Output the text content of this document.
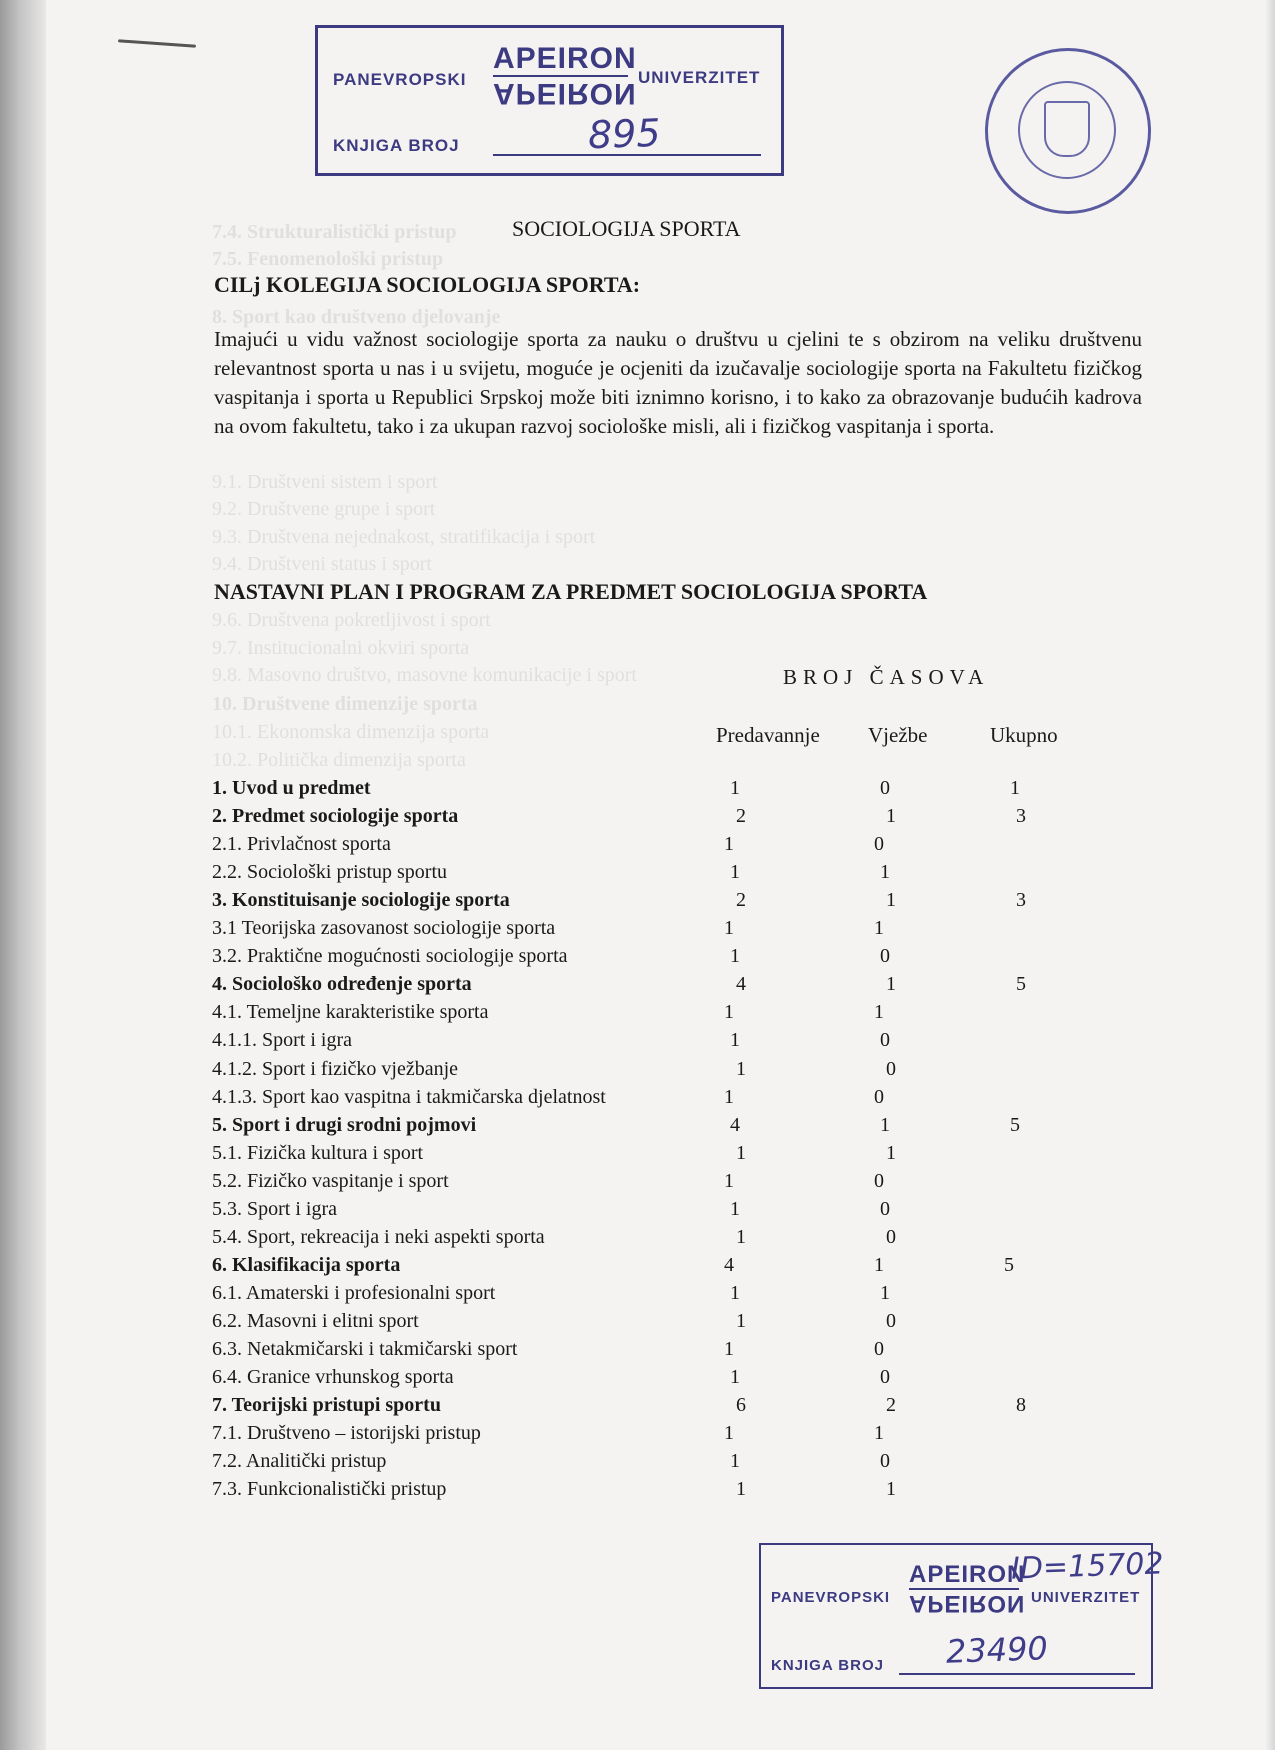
7.4. Strukturalistički pristup
7.5. Fenomenološki pristup
8. Sport kao društveno djelovanje
9.1. Društveni sistem i sport
9.2. Društvene grupe i sport
9.3. Društvena nejednakost, stratifikacija i sport
9.4. Društveni status i sport
9.6. Društvena pokretljivost i sport
9.7. Institucionalni okviri sporta
9.8. Masovno društvo, masovne komunikacije i sport
10. Društvene dimenzije sporta
10.1. Ekonomska dimenzija sporta
10.2. Politička dimenzija sporta
PANEVROPSKI
APEIRON
APEIRON UNIVERZITET
KNJIGA BROJ	895
SOCIOLOGIJA SPORTA
CILj KOLEGIJA SOCIOLOGIJA SPORTA:
Imajući u vidu važnost sociologije sporta za nauku o društvu u cjelini te s obzirom na veliku društvenu relevantnost sporta u nas i u svijetu, moguće je ocjeniti da izučavalje sociologije sporta na Fakultetu fizičkog vaspitanja i sporta u Republici Srpskoj može biti iznimno korisno, i to kako za obrazovanje budućih kadrova na ovom fakultetu, tako i za ukupan razvoj sociološke misli, ali i fizičkog vaspitanja i sporta.
NASTAVNI PLAN I PROGRAM ZA PREDMET SOCIOLOGIJA SPORTA
BROJ ČASOVA
Predavannje Vježbe	Ukupno
1. Uvod u predmet	1	0	1
2. Predmet sociologije sporta	2	1	3
2.1. Privlačnost sporta	1	0
2.2. Sociološki pristup sportu	1	1
3. Konstituisanje sociologije sporta	2	1	3
3.1 Teorijska zasovanost sociologije sporta	1	1
3.2. Praktične mogućnosti sociologije sporta	1	0
4. Sociološko određenje sporta	4	1	5
4.1. Temeljne karakteristike sporta	1	1
4.1.1. Sport i igra	1	0
4.1.2. Sport i fizičko vježbanje	1	0
4.1.3. Sport kao vaspitna i takmičarska djelatnost	1	0
5. Sport i drugi srodni pojmovi	4	1	5
5.1. Fizička kultura i sport	1	1
5.2. Fizičko vaspitanje i sport	1	0
5.3. Sport i igra	1	0
5.4. Sport, rekreacija i neki aspekti sporta	1	0
6. Klasifikacija sporta	4	1	5
6.1. Amaterski i profesionalni sport	1	1
6.2. Masovni i elitni sport	1	0
6.3. Netakmičarski i takmičarski sport	1	0
6.4. Granice vrhunskog sporta	1	0
7. Teorijski pristupi sportu	6	2	8
7.1. Društveno – istorijski pristup	1	1
7.2. Analitički pristup	1	0
7.3. Funkcionalistički pristup	1	1
PANEVROPSKI
APEIRON
APEIRON UNIVERZITET
ID=15702
KNJIGA BROJ 23490
